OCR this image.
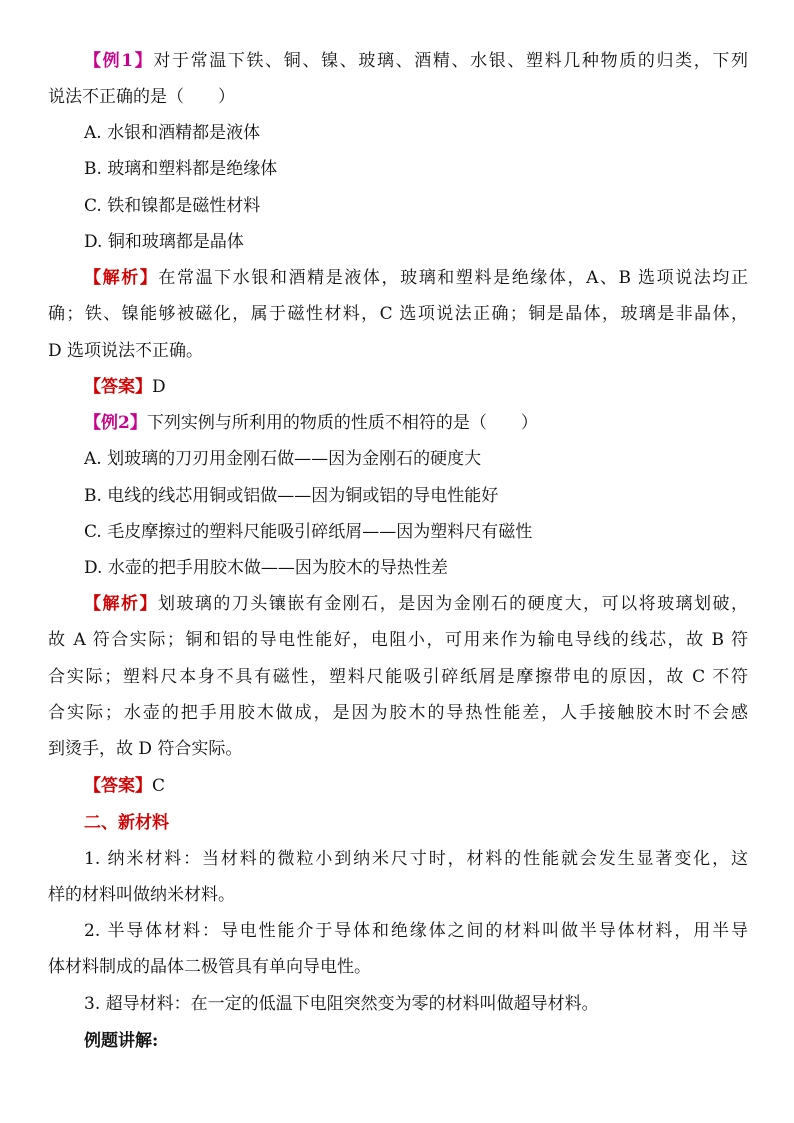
【例1】对于常温下铁、铜、镍、玻璃、酒精、水银、塑料几种物质的归类，下列
说法不正确的是（　　）
A. 水银和酒精都是液体
B. 玻璃和塑料都是绝缘体
C. 铁和镍都是磁性材料
D. 铜和玻璃都是晶体
【解析】在常温下水银和酒精是液体，玻璃和塑料是绝缘体，A、B 选项说法均正
确；铁、镍能够被磁化，属于磁性材料，C 选项说法正确；铜是晶体，玻璃是非晶体，
D 选项说法不正确。
【答案】D
【例2】下列实例与所利用的物质的性质不相符的是（　　）
A. 划玻璃的刀刃用金刚石做——因为金刚石的硬度大
B. 电线的线芯用铜或铝做——因为铜或铝的导电性能好
C. 毛皮摩擦过的塑料尺能吸引碎纸屑——因为塑料尺有磁性
D. 水壶的把手用胶木做——因为胶木的导热性差
【解析】划玻璃的刀头镶嵌有金刚石，是因为金刚石的硬度大，可以将玻璃划破，
故 A 符合实际；铜和铝的导电性能好，电阻小，可用来作为输电导线的线芯，故 B 符
合实际；塑料尺本身不具有磁性，塑料尺能吸引碎纸屑是摩擦带电的原因，故 C 不符
合实际；水壶的把手用胶木做成，是因为胶木的导热性能差，人手接触胶木时不会感
到烫手，故 D 符合实际。
【答案】C
二、新材料
1. 纳米材料：当材料的微粒小到纳米尺寸时，材料的性能就会发生显著变化，这
样的材料叫做纳米材料。
2. 半导体材料：导电性能介于导体和绝缘体之间的材料叫做半导体材料，用半导
体材料制成的晶体二极管具有单向导电性。
3. 超导材料：在一定的低温下电阻突然变为零的材料叫做超导材料。
例题讲解:
